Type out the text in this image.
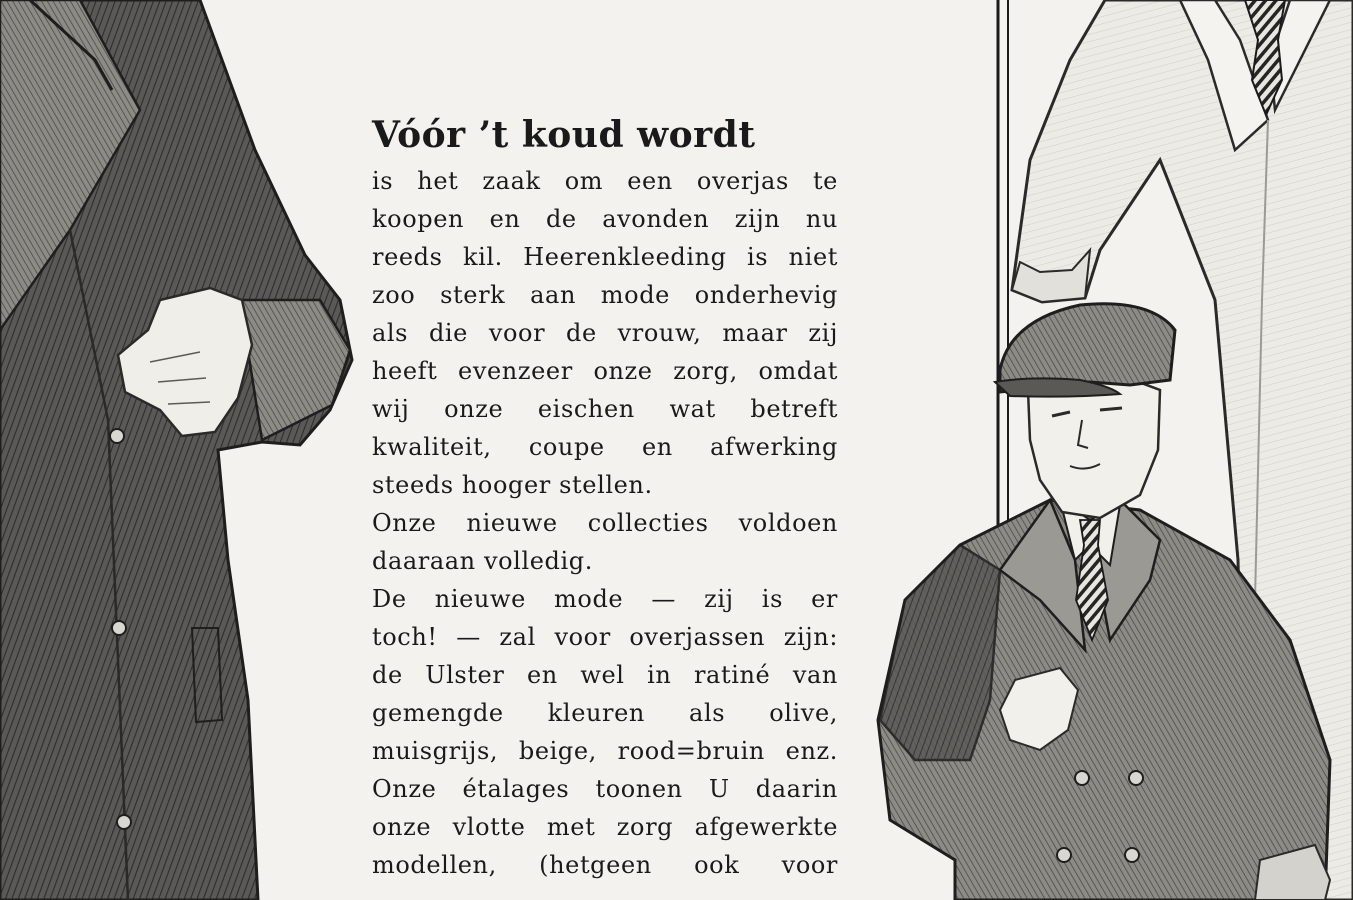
Vóór ’t koud wordt
is het zaak om een overjas te
koopen en de avonden zijn nu
reeds kil. Heerenkleeding is niet
zoo sterk aan mode onderhevig
als die voor de vrouw, maar zij
heeft evenzeer onze zorg, omdat
wij onze eischen wat betreft
kwaliteit, coupe en afwerking
steeds hooger stellen.
Onze nieuwe collecties voldoen
daaraan volledig.
De nieuwe mode — zij is er
toch! — zal voor overjassen zijn:
de Ulster en wel in ratiné van
gemengde kleuren als olive,
muisgrijs, beige, rood=bruin enz.
Onze étalages toonen U daarin
onze vlotte met zorg afgewerkte
modellen, (hetgeen ook voor
